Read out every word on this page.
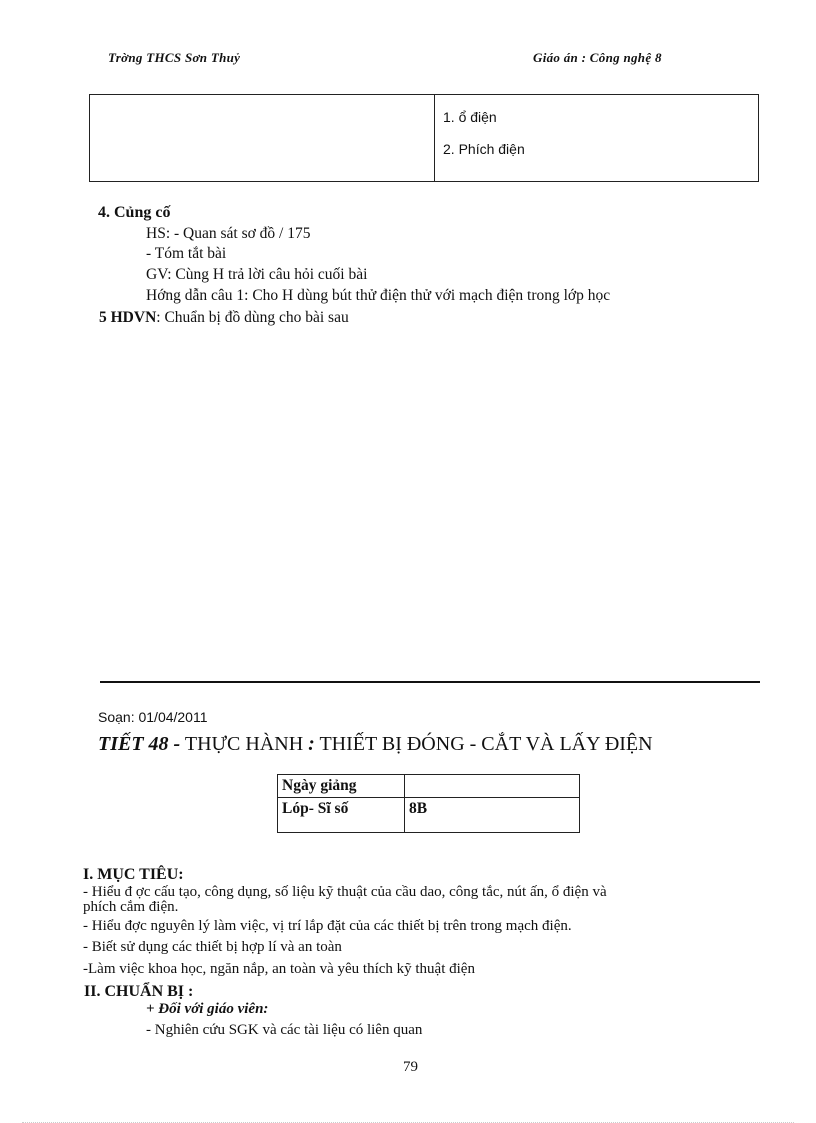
Trờng THCS Sơn Thuỷ	Giáo án : Công nghệ 8

1. ổ điện
2. Phích điện
4. Củng cố
HS: - Quan sát sơ đồ / 175
- Tóm tắt bài
GV: Cùng H trả lời câu hỏi cuối bài
Hớng dẫn câu 1: Cho H dùng bút thử điện thử với mạch điện trong lớp học
5 HDVN: Chuẩn bị đồ dùng cho bài sau
Soạn: 01/04/2011
TIẾT 48 - THỰC HÀNH : THIẾT BỊ ĐÓNG - CẮT VÀ LẤY ĐIỆN
Ngày giảng	
Lóp- Sĩ số	8B
I. MỤC TIÊU:
- Hiểu đ ợc cấu tạo, công dụng, số liệu kỹ thuật của cầu dao, công tắc, nút ấn, ổ điện và
phích cắm điện.
- Hiểu đợc nguyên lý làm việc, vị trí lắp đặt của các thiết bị trên trong mạch điện.
- Biết sử dụng các thiết bị hợp lí và an toàn
-Làm việc khoa học, ngăn nắp, an toàn và yêu thích kỹ thuật điện
II. CHUẨN BỊ :
+ Đối với giáo viên:
- Nghiên cứu SGK và các tài liệu có liên quan
79
